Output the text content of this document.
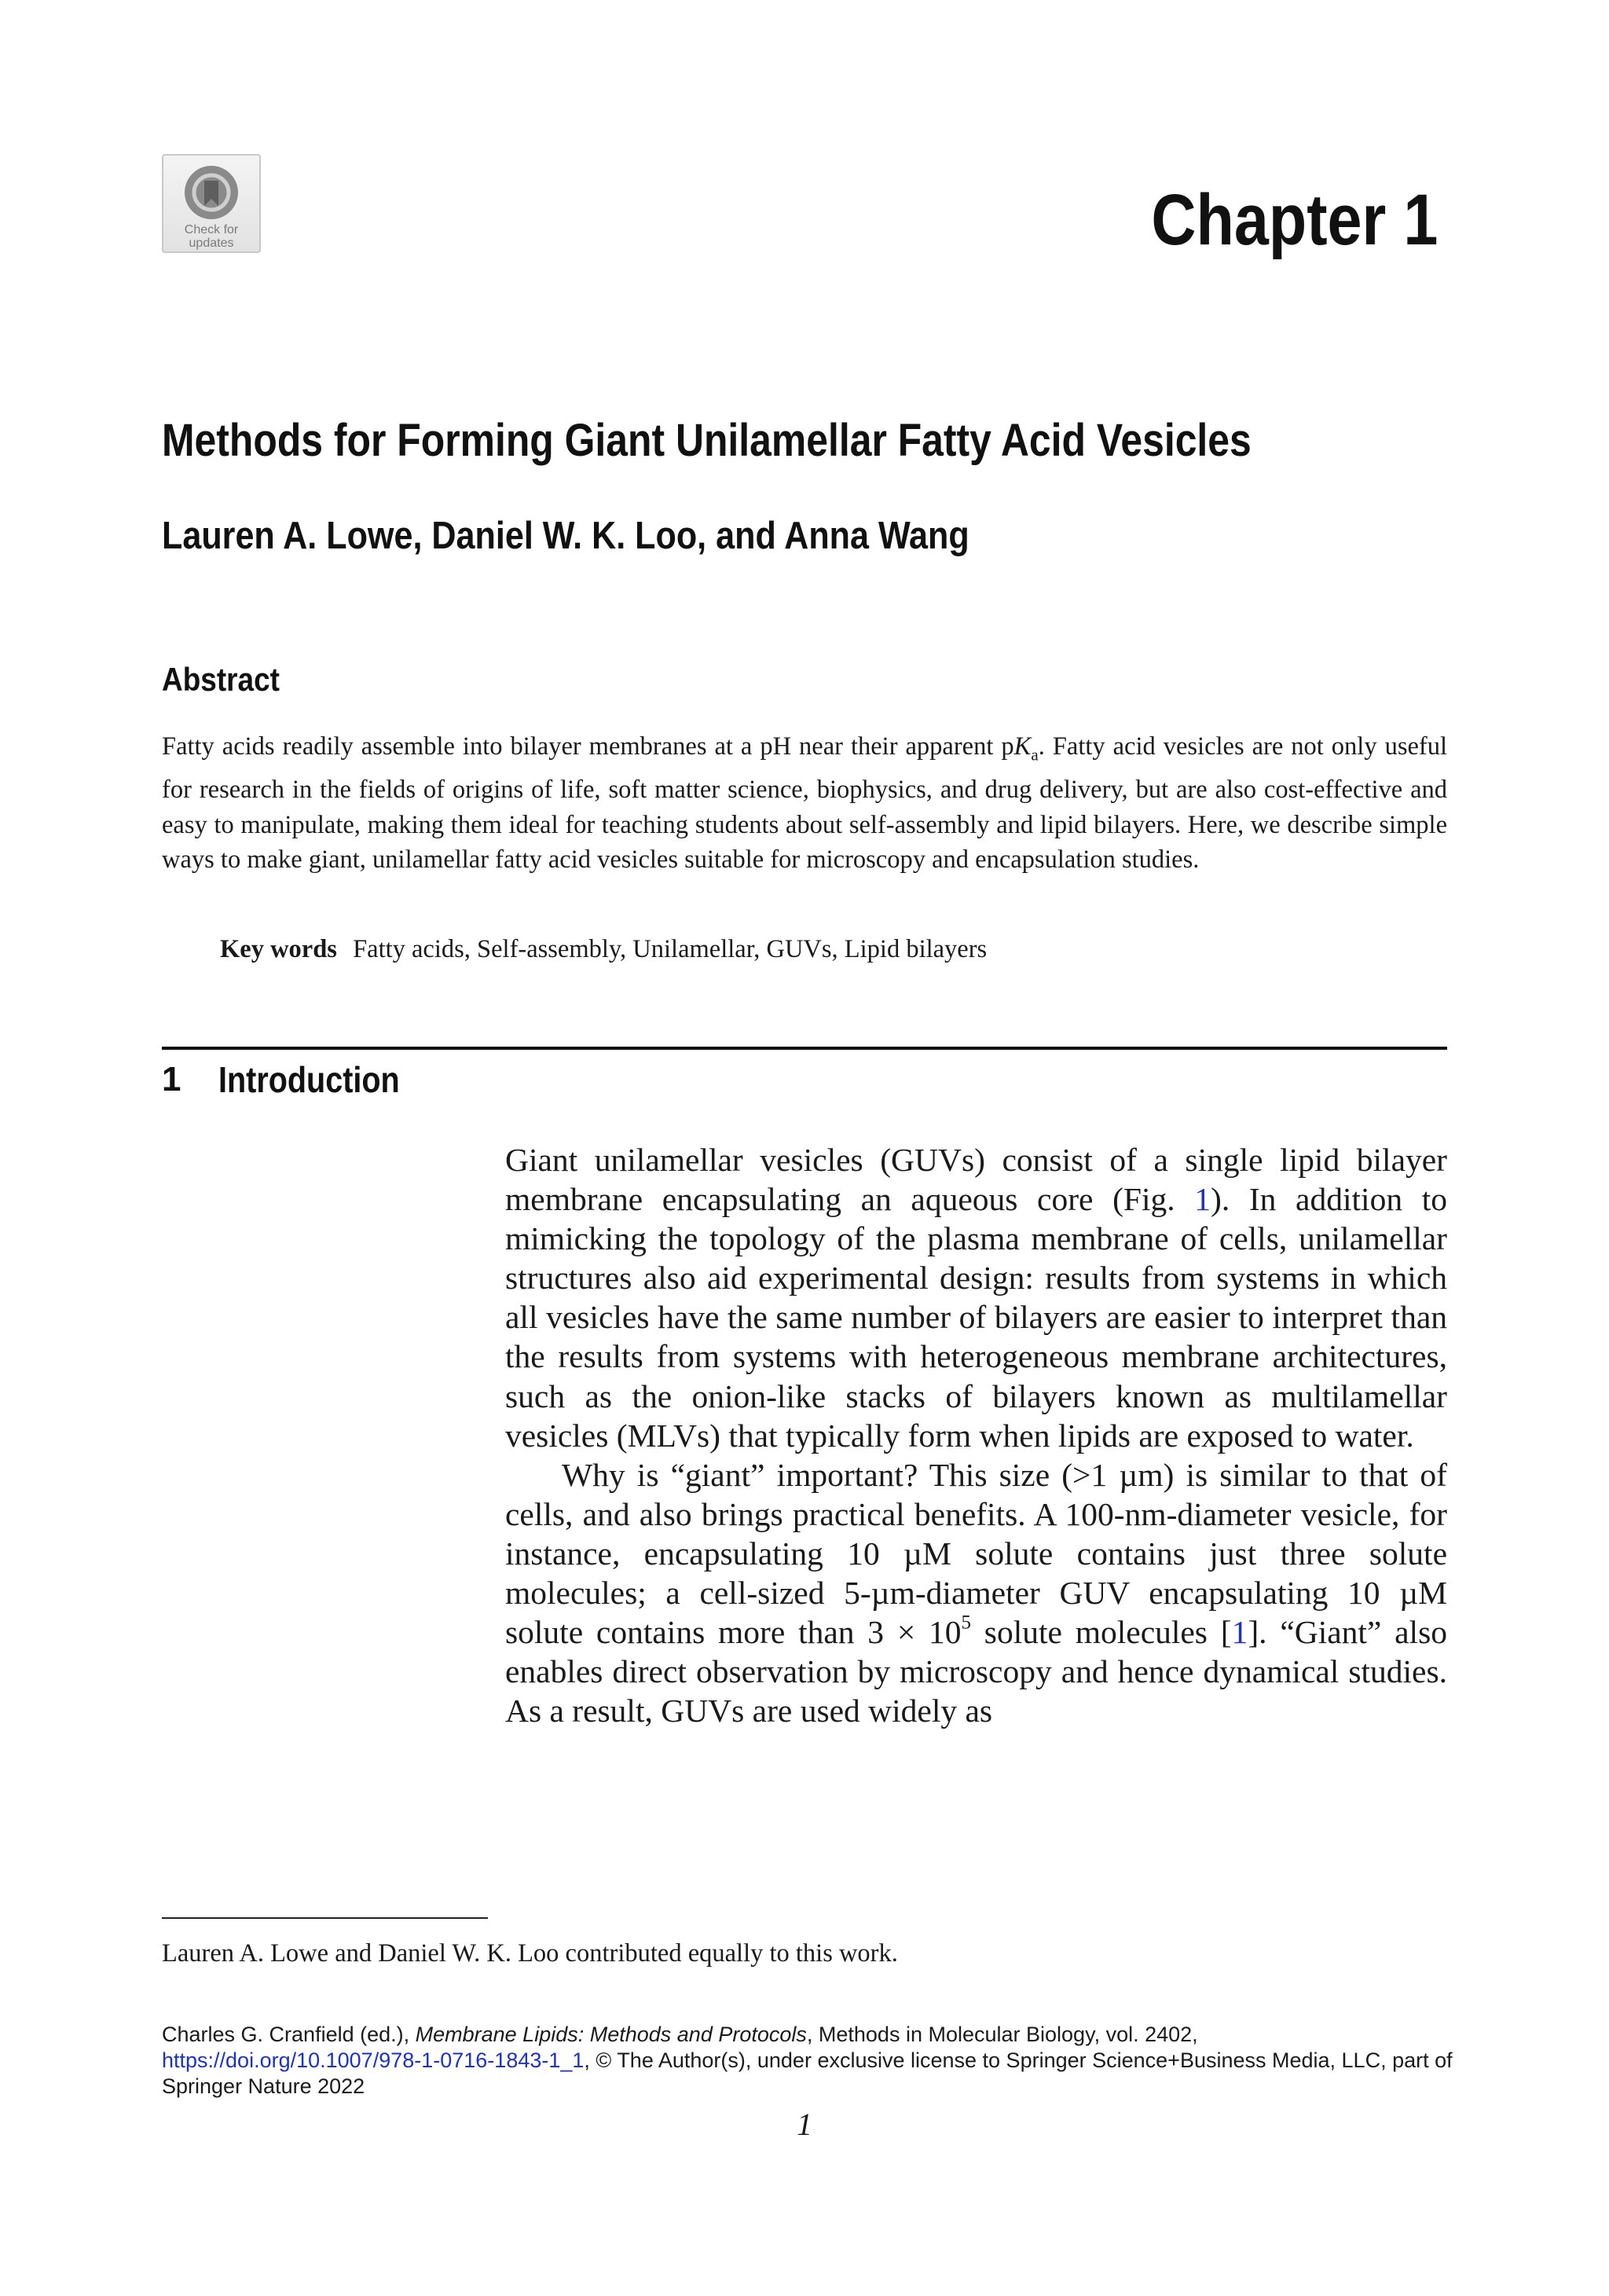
Check for
updates	Chapter 1
Methods for Forming Giant Unilamellar Fatty Acid Vesicles
Lauren A. Lowe, Daniel W. K. Loo, and Anna Wang
Abstract

Fatty acids readily assemble into bilayer membranes at a pH near their apparent $pK_a$. Fatty acid vesicles are not only useful for research in the fields of origins of life, soft matter science, biophysics, and drug delivery, but are also cost-effective and easy to manipulate, making them ideal for teaching students about self-assembly and lipid bilayers. Here, we describe simple ways to make giant, unilamellar fatty acid vesicles suitable for microscopy and encapsulation studies.

Key words Fatty acids, Self-assembly, Unilamellar, GUVs, Lipid bilayers
1 Introduction

Giant unilamellar vesicles (GUVs) consist of a single lipid bilayer membrane encapsulating an aqueous core (Fig. 1). In addition to mimicking the topology of the plasma membrane of cells, unilamellar structures also aid experimental design: results from systems in which all vesicles have the same number of bilayers are easier to interpret than the results from systems with heterogeneous membrane architectures, such as the onion-like stacks of bilayers known as multilamellar vesicles (MLVs) that typically form when lipids are exposed to water.

Why is “giant” important? This size (>1 µm) is similar to that of cells, and also brings practical benefits. A 100-nm-diameter vesicle, for instance, encapsulating 10 µM solute contains just three solute molecules; a cell-sized 5-µm-diameter GUV encapsulating 10 µM solute contains more than $3 \times 10^5$ solute molecules [1]. “Giant” also enables direct observation by microscopy and hence dynamical studies. As a result, GUVs are used widely as

Lauren A. Lowe and Daniel W. K. Loo contributed equally to this work.

Charles G. Cranfield (ed.), Membrane Lipids: Methods and Protocols, Methods in Molecular Biology, vol. 2402,
https://doi.org/10.1007/978-1-0716-1843-1_1, © The Author(s), under exclusive license to Springer Science+Business Media, LLC, part of Springer Nature 2022

1
